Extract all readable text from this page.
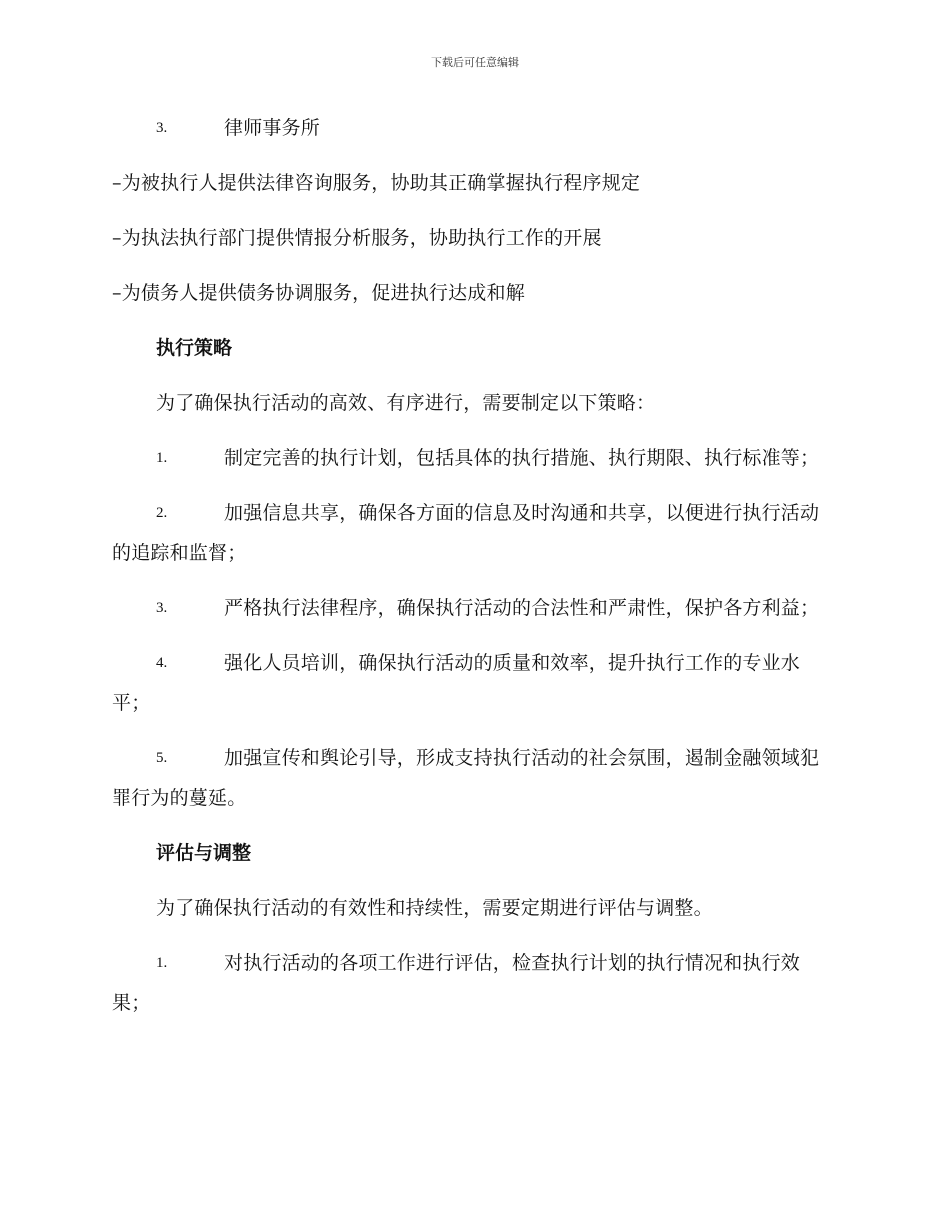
下载后可任意编辑
3.	律师事务所
–为被执行人提供法律咨询服务，协助其正确掌握执行程序规定
–为执法执行部门提供情报分析服务，协助执行工作的开展
–为债务人提供债务协调服务，促进执行达成和解
执行策略
为了确保执行活动的高效、有序进行，需要制定以下策略：
1.	制定完善的执行计划，包括具体的执行措施、执行期限、执行标准等；
2.	加强信息共享，确保各方面的信息及时沟通和共享，以便进行执行活动的追踪和监督；
3.	严格执行法律程序，确保执行活动的合法性和严肃性，保护各方利益；
4.	强化人员培训，确保执行活动的质量和效率，提升执行工作的专业水平；
5.	加强宣传和舆论引导，形成支持执行活动的社会氛围，遏制金融领域犯罪行为的蔓延。
评估与调整
为了确保执行活动的有效性和持续性，需要定期进行评估与调整。
1.	对执行活动的各项工作进行评估，检查执行计划的执行情况和执行效果；
